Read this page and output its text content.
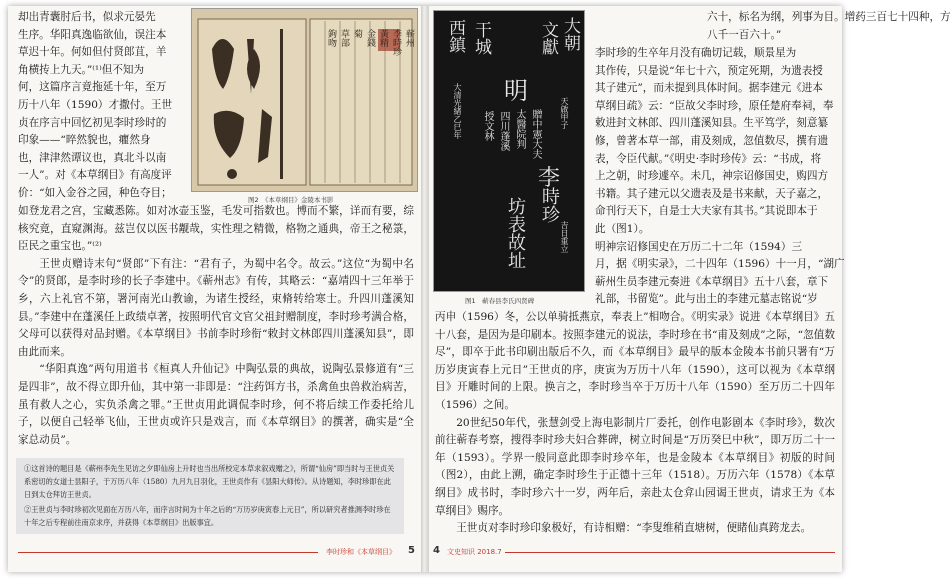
却出青囊肘后书，似求元晏先
生序。华阳真逸临欲仙，误注本
草迟十年。何如但付贤郎苴，羊
角横抟上九天。”⁽¹⁾但不知为
何，这篇序言竟拖延十年，至万
历十八年（1590）才撒付。王世
贞在序言中回忆初见李时珍时的
印象——“晬然貌也，癯然身
也，津津然谭议也，真北斗以南
一人”。对《本草纲目》有高度评
价：“如入金谷之园，种色夺目；
蕲州
李時珍
黃精
金錢
菊
草部
鉤吻
图2　《本草纲目》金陵本书影

如登龙君之宫，宝藏悉陈。如对冰壶玉鉴，毛发可指数也。博而不繁，详而有要，综核究竟，直窥渊海。兹岂仅以医书觏哉，实性理之精微，格物之通典，帝王之秘箓，臣民之重宝也。”⁽²⁾

王世贞赠诗末句“贤郎”下有注：“君有子，为蜀中名令。故云。”这位“为蜀中名令”的贤郎，是李时珍的长子李建中。《蕲州志》有传，其略云：“嘉靖四十三年举于乡，六上礼官不第，署河南光山教谕，为诸生授经，束脩转给寒士。升四川蓬溪知县。”李建中在蓬溪任上政绩卓著，按照明代官文官父祖封赠制度，李时珍考满合格，父母可以获得对品封赠。《本草纲目》书前李时珍衔“敕封文林郎四川蓬溪知县”，即由此而来。

“华阳真逸”两句用道书《桓真人升仙记》中陶弘景的典故，说陶弘景修道有“三是四非”，故不得立即升仙，其中第一非即是：“注药饵方书，杀禽鱼虫兽救治病苦，虽有救人之心，实负杀禽之罪。”王世贞用此调侃李时珍，何不将后续工作委托给儿子，以便自己轻举飞仙，王世贞或许只是戏言，而《本草纲目》的撰著，确实是“全家总动员”。

①这首诗的题目是《蕲州李先生见访之夕即仙房上升时也当出所校定本草求叙戏赠之》，所谓“仙房”即当时与王世贞关系密切的女道士昙阳子，于万历八年（1580）九月九日羽化，王世贞作有《昙阳大师传》。从诗题知，李时珍即在此日到太仓拜访王世贞。

②王世贞与李时珍初次见面在万历八年，而序言时间为十年之后的“万历岁庚寅春上元日”，所以研究者推测李时珍在十年之后专程前往南京求序，并获得《本草纲目》出版事宜。

李时珍和《本草纲目》 5
六十，标名为纲，列事为目。增药三百七十四种，方
八千一百六十。”
大朝
文獻
干城
西鎮
明
大清光緒乙巳年	天啟甲子
授文林 四川蓬溪 太醫院判 贈中憲大夫
李
時珍
坊表故址	吉日重立
图1　蕲春县李氏四贤碑
李时珍的生卒年月没有确切记载，顺景星为
其作传，只是说“年七十六，预定死期，为遗表授
其子建元”，而未提到具体时间。据李建元《进本
草纲目疏》云：“臣故父李时珍，原任楚府奉祠，奉
敕进封文林郎、四川蓬溪知县。生平笃学，刻意纂
修，曾著本草一部，甫及刻成，忽值数尽，撰有遗
表，令臣代献。”《明史·李时珍传》云：“书成，将
上之朝，时珍遽卒。未几，神宗诏修国史，购四方
书籍。其子建元以父遗表及是书来献，天子嘉之，
命刊行天下，自是士大夫家有其书。”其说即本于
此（图1）。
明神宗诏修国史在万历二十二年（1594）三
月，据《明实录》，二十四年（1596）十一月，“湖广
蕲州生员李建元奏进《本草纲目》五十八套，章下
礼部，书留览”。此与出土的李建元墓志铭说“岁

丙申（1596）冬，公以单骑抵燕京，奉表上”相吻合。《明实录》说进《本草纲目》五十八套，是因为是印刷本。按照李建元的说法，李时珍在书“甫及刻成”之际，“忽值数尽”，即卒于此书印刷出版后不久，而《本草纲目》最早的版本金陵本书前只署有“万历岁庚寅春上元日”王世贞的序，庚寅为万历十八年（1590），这可以视为《本草纲目》开雕时间的上限。换言之，李时珍当卒于万历十八年（1590）至万历二十四年（1596）之间。

20世纪50年代，张慧剑受上海电影制片厂委托，创作电影剧本《李时珍》，数次前往蕲春考察，搜得李时珍夫妇合葬碑，树立时间是“万历癸巳中秋”，即万历二十一年（1593）。学界一般同意此即李时珍卒年，也是金陵本《本草纲目》初版的时间（图2），由此上溯，确定李时珍生于正德十三年（1518）。万历六年（1578）《本草纲目》成书时，李时珍六十一岁，两年后，亲赴太仓弇山园谒王世贞，请求王为《本草纲目》赐序。

王世贞对李时珍印象极好，有诗相赠：“李叟维稍直塘树，便睹仙真跨龙去。

4 文史知识 2018.7
